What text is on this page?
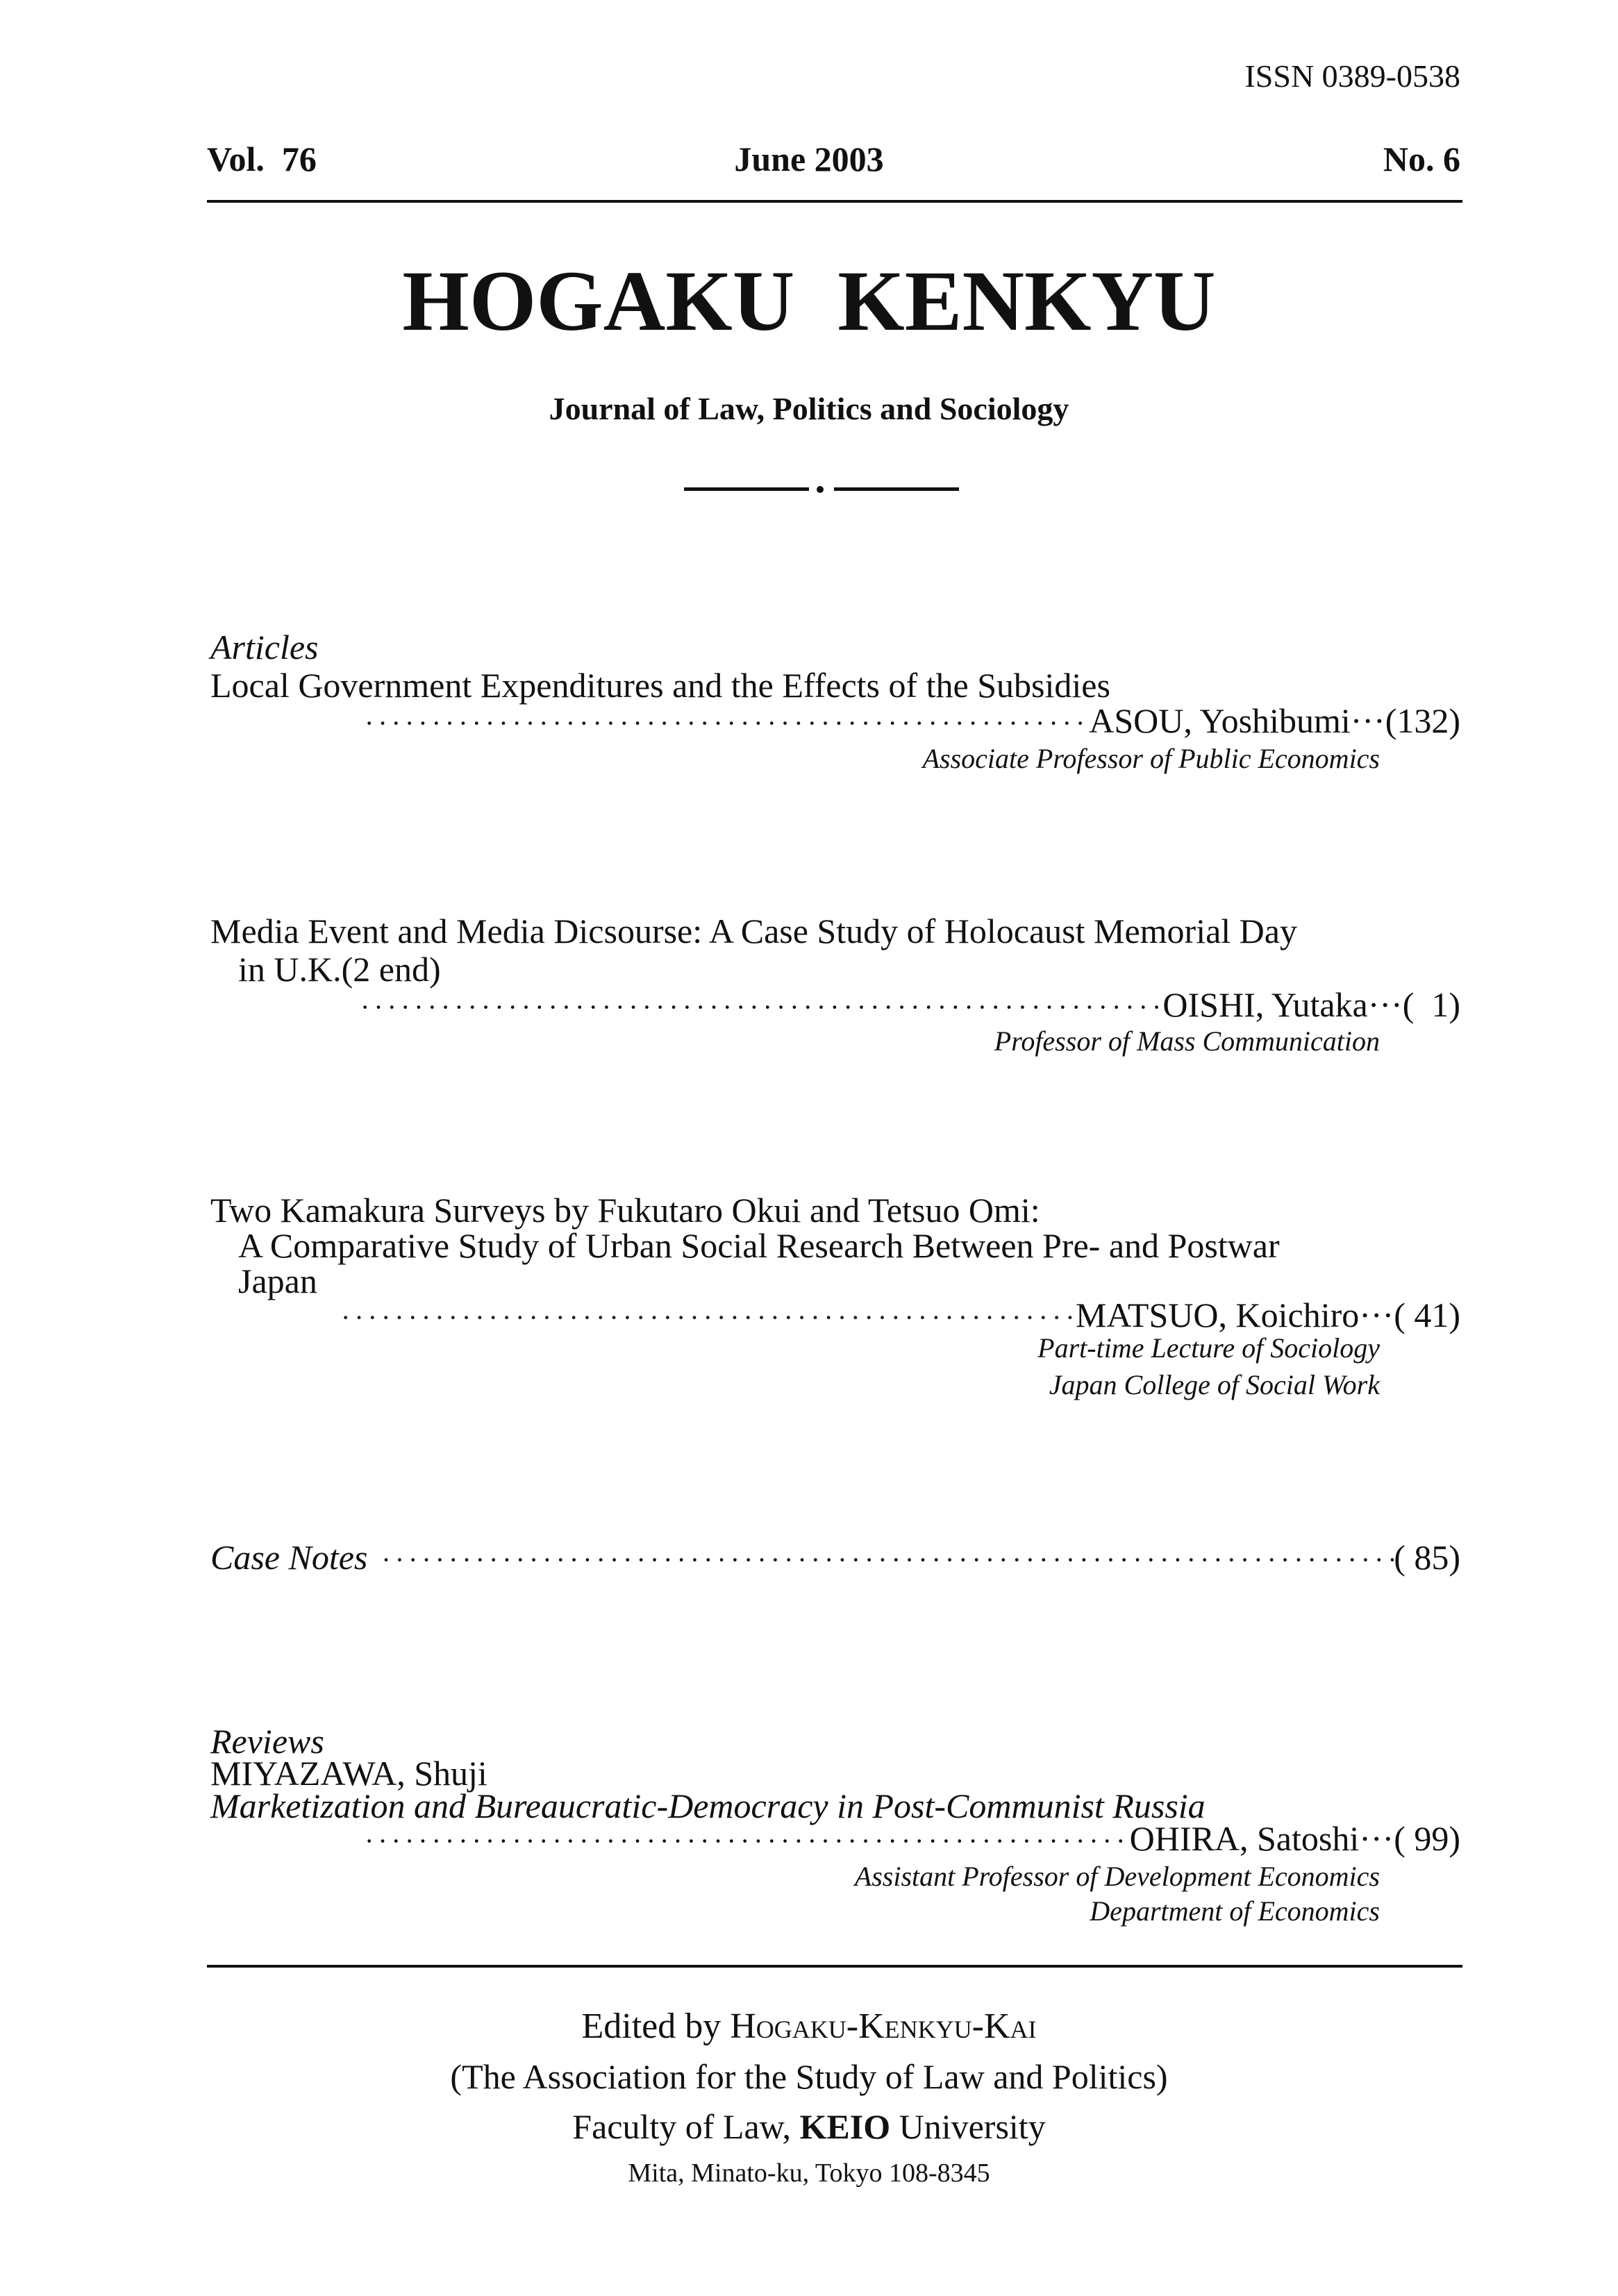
ISSN 0389-0538
Vol.  76	June 2003	No. 6
HOGAKU  KENKYU
Journal of Law, Politics and Sociology
Articles
Local Government Expenditures and the Effects of the Subsidies
·····
ASOU, Yoshibumi ··· (132)
Associate Professor of Public Economics
Media Event and Media Dicsourse: A Case Study of Holocaust Memorial Day
in U.K.(2 end)
·····
OISHI, Yutaka ··· (  1)
Professor of Mass Communication
Two Kamakura Surveys by Fukutaro Okui and Tetsuo Omi:
A Comparative Study of Urban Social Research Between Pre- and Postwar
Japan
·····
MATSUO, Koichiro ··· ( 41)
Part-time Lecture of Sociology
Japan College of Social Work
Case Notes ·····	( 85)
Reviews
MIYAZAWA, Shuji
Marketization and Bureaucratic-Democracy in Post-Communist Russia
·····
OHIRA, Satoshi ··· ( 99)
Assistant Professor of Development Economics
Department of Economics
Edited by Hogaku-Kenkyu-Kai
(The Association for the Study of Law and Politics)
Faculty of Law, KEIO University
Mita, Minato-ku, Tokyo 108-8345
